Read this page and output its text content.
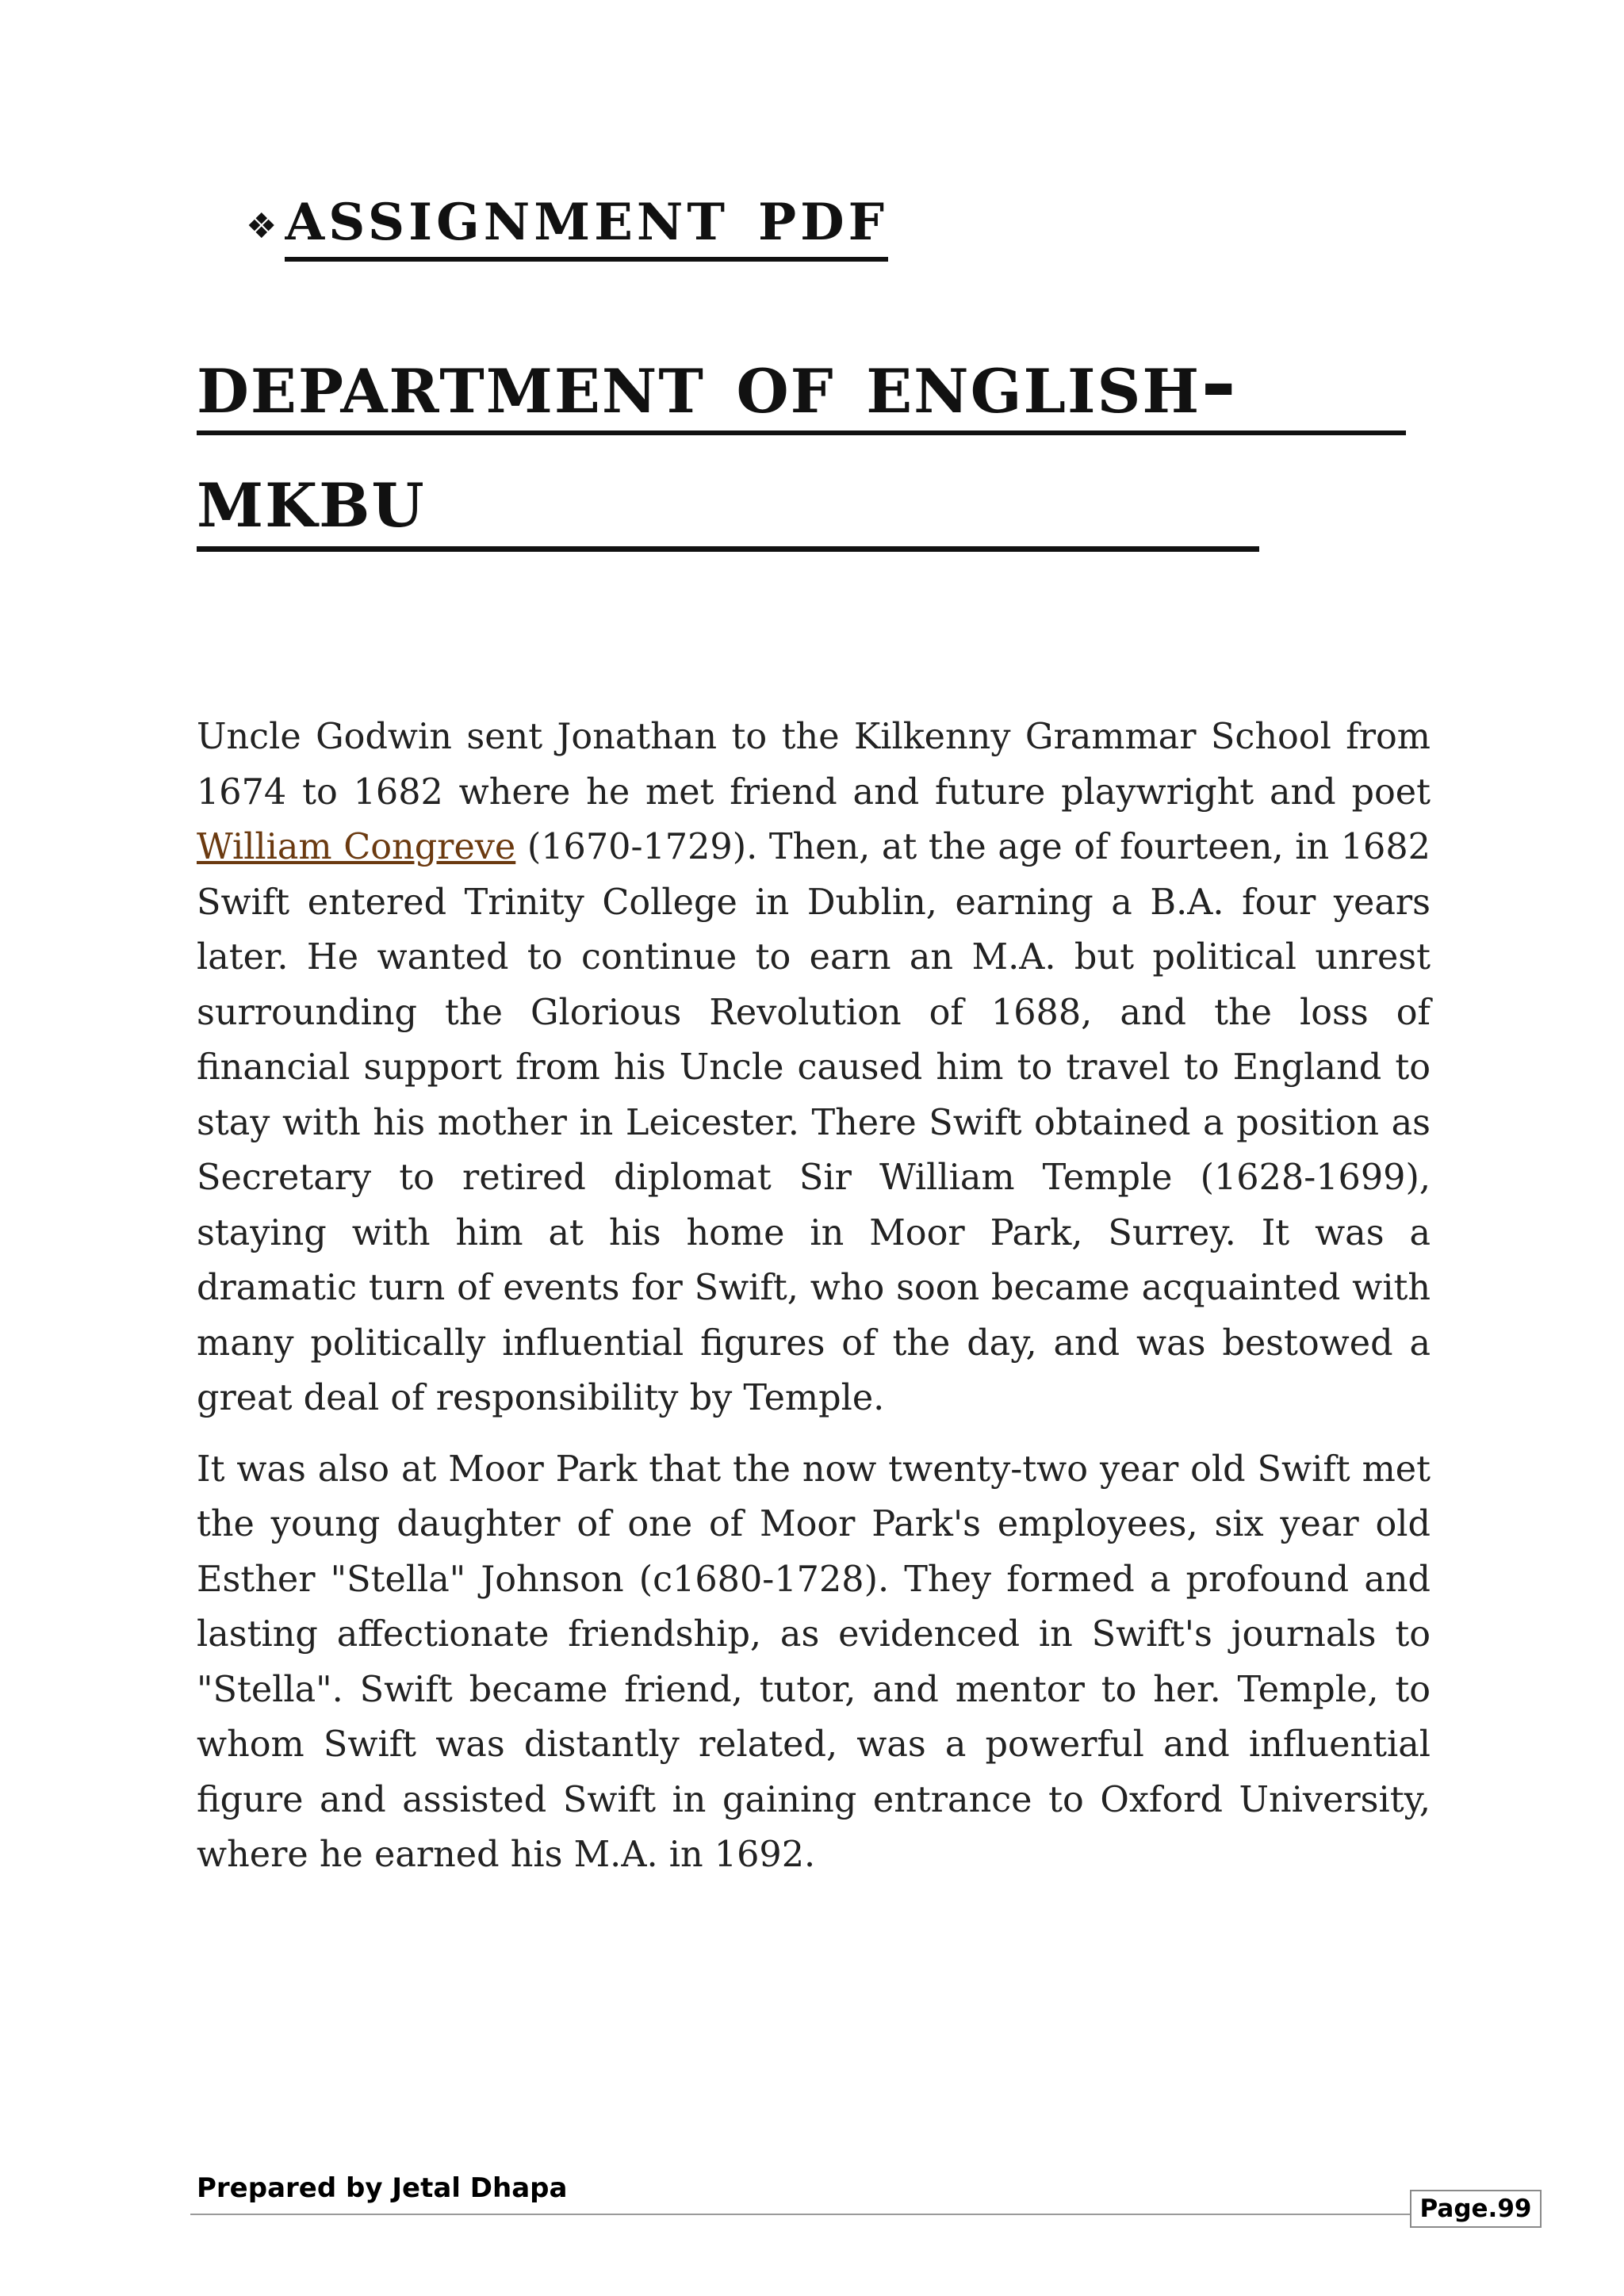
❖ assignment pdf
department of english-
mkbu

Uncle Godwin sent Jonathan to the Kilkenny Grammar School from 1674 to 1682 where he met friend and future playwright and poet William Congreve (1670-1729). Then, at the age of fourteen, in 1682 Swift entered Trinity College in Dublin, earning a B.A. four years later. He wanted to continue to earn an M.A. but political unrest surrounding the Glorious Revolution of 1688, and the loss of financial support from his Uncle caused him to travel to England to stay with his mother in Leicester. There Swift obtained a position as Secretary to retired diplomat Sir William Temple (1628-1699), staying with him at his home in Moor Park, Surrey. It was a dramatic turn of events for Swift, who soon became acquainted with many politically influential figures of the day, and was bestowed a great deal of responsibility by Temple.

It was also at Moor Park that the now twenty-two year old Swift met the young daughter of one of Moor Park's employees, six year old Esther "Stella" Johnson (c1680-1728). They formed a profound and lasting affectionate friendship, as evidenced in Swift's journals to "Stella". Swift became friend, tutor, and mentor to her. Temple, to whom Swift was distantly related, was a powerful and influential figure and assisted Swift in gaining entrance to Oxford University, where he earned his M.A. in 1692.

Prepared by Jetal Dhapa
Page.99
